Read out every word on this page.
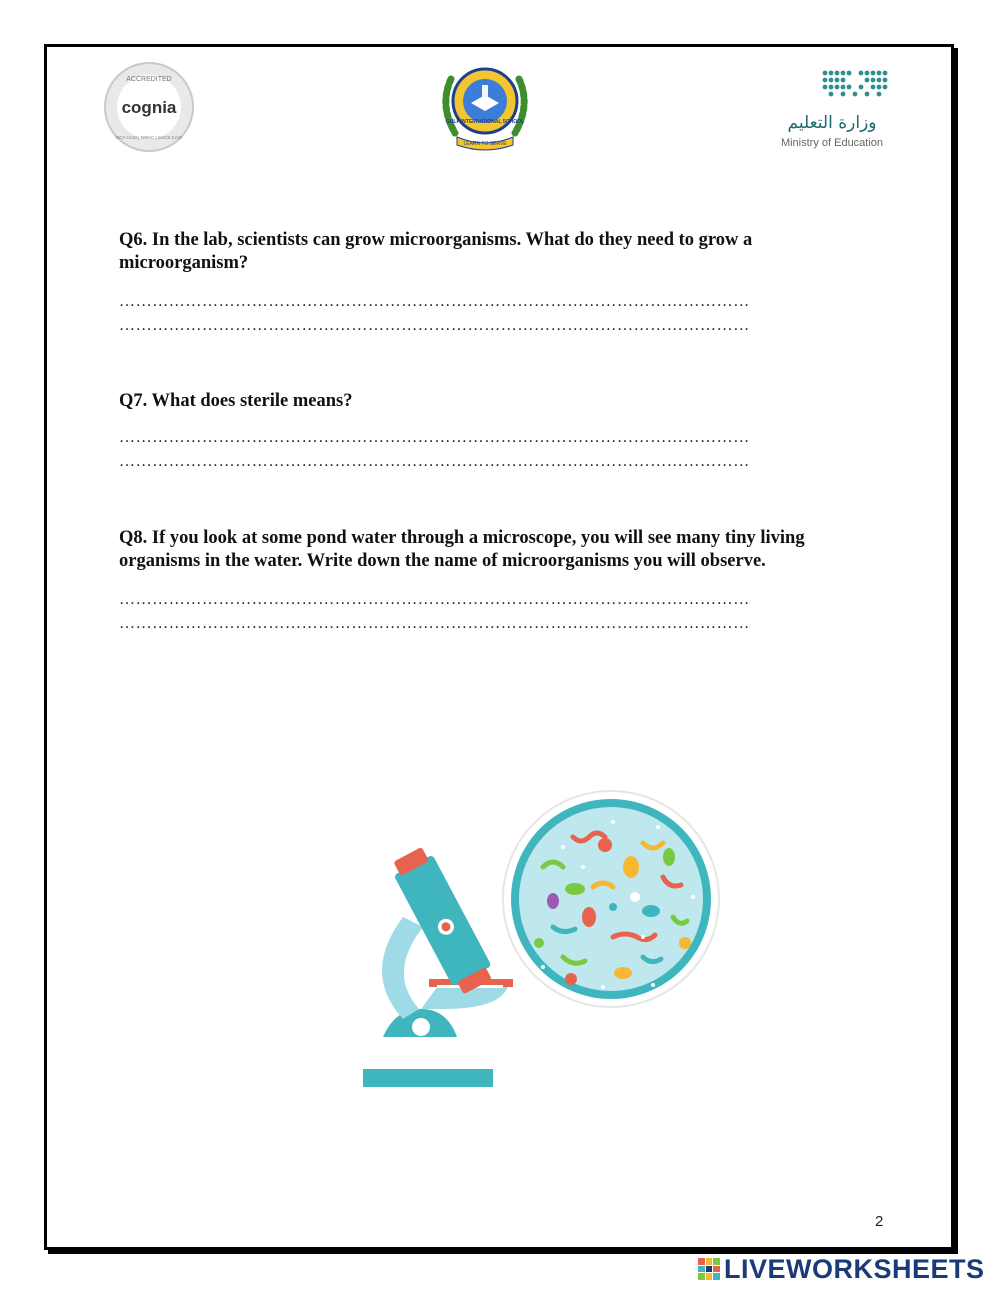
ACCREDITED
cognia
NCA CASI | NWAC | SACS CASI
GULF INTERNATIONAL SCHOOL
LEARN TO SERVE
وزارة التعليم
Ministry of Education
Q6. In the lab, scientists can grow microorganisms. What do they need to grow a
microorganism?
……………………………………………………………………………………………………
……………………………………………………………………………………………………
Q7. What does sterile means?
……………………………………………………………………………………………………
……………………………………………………………………………………………………
Q8. If you look at some pond water through a microscope, you will see many tiny living
organisms in the water. Write down the name of microorganisms you will observe.
……………………………………………………………………………………………………
……………………………………………………………………………………………………
2
LIVEWORKSHEETS
